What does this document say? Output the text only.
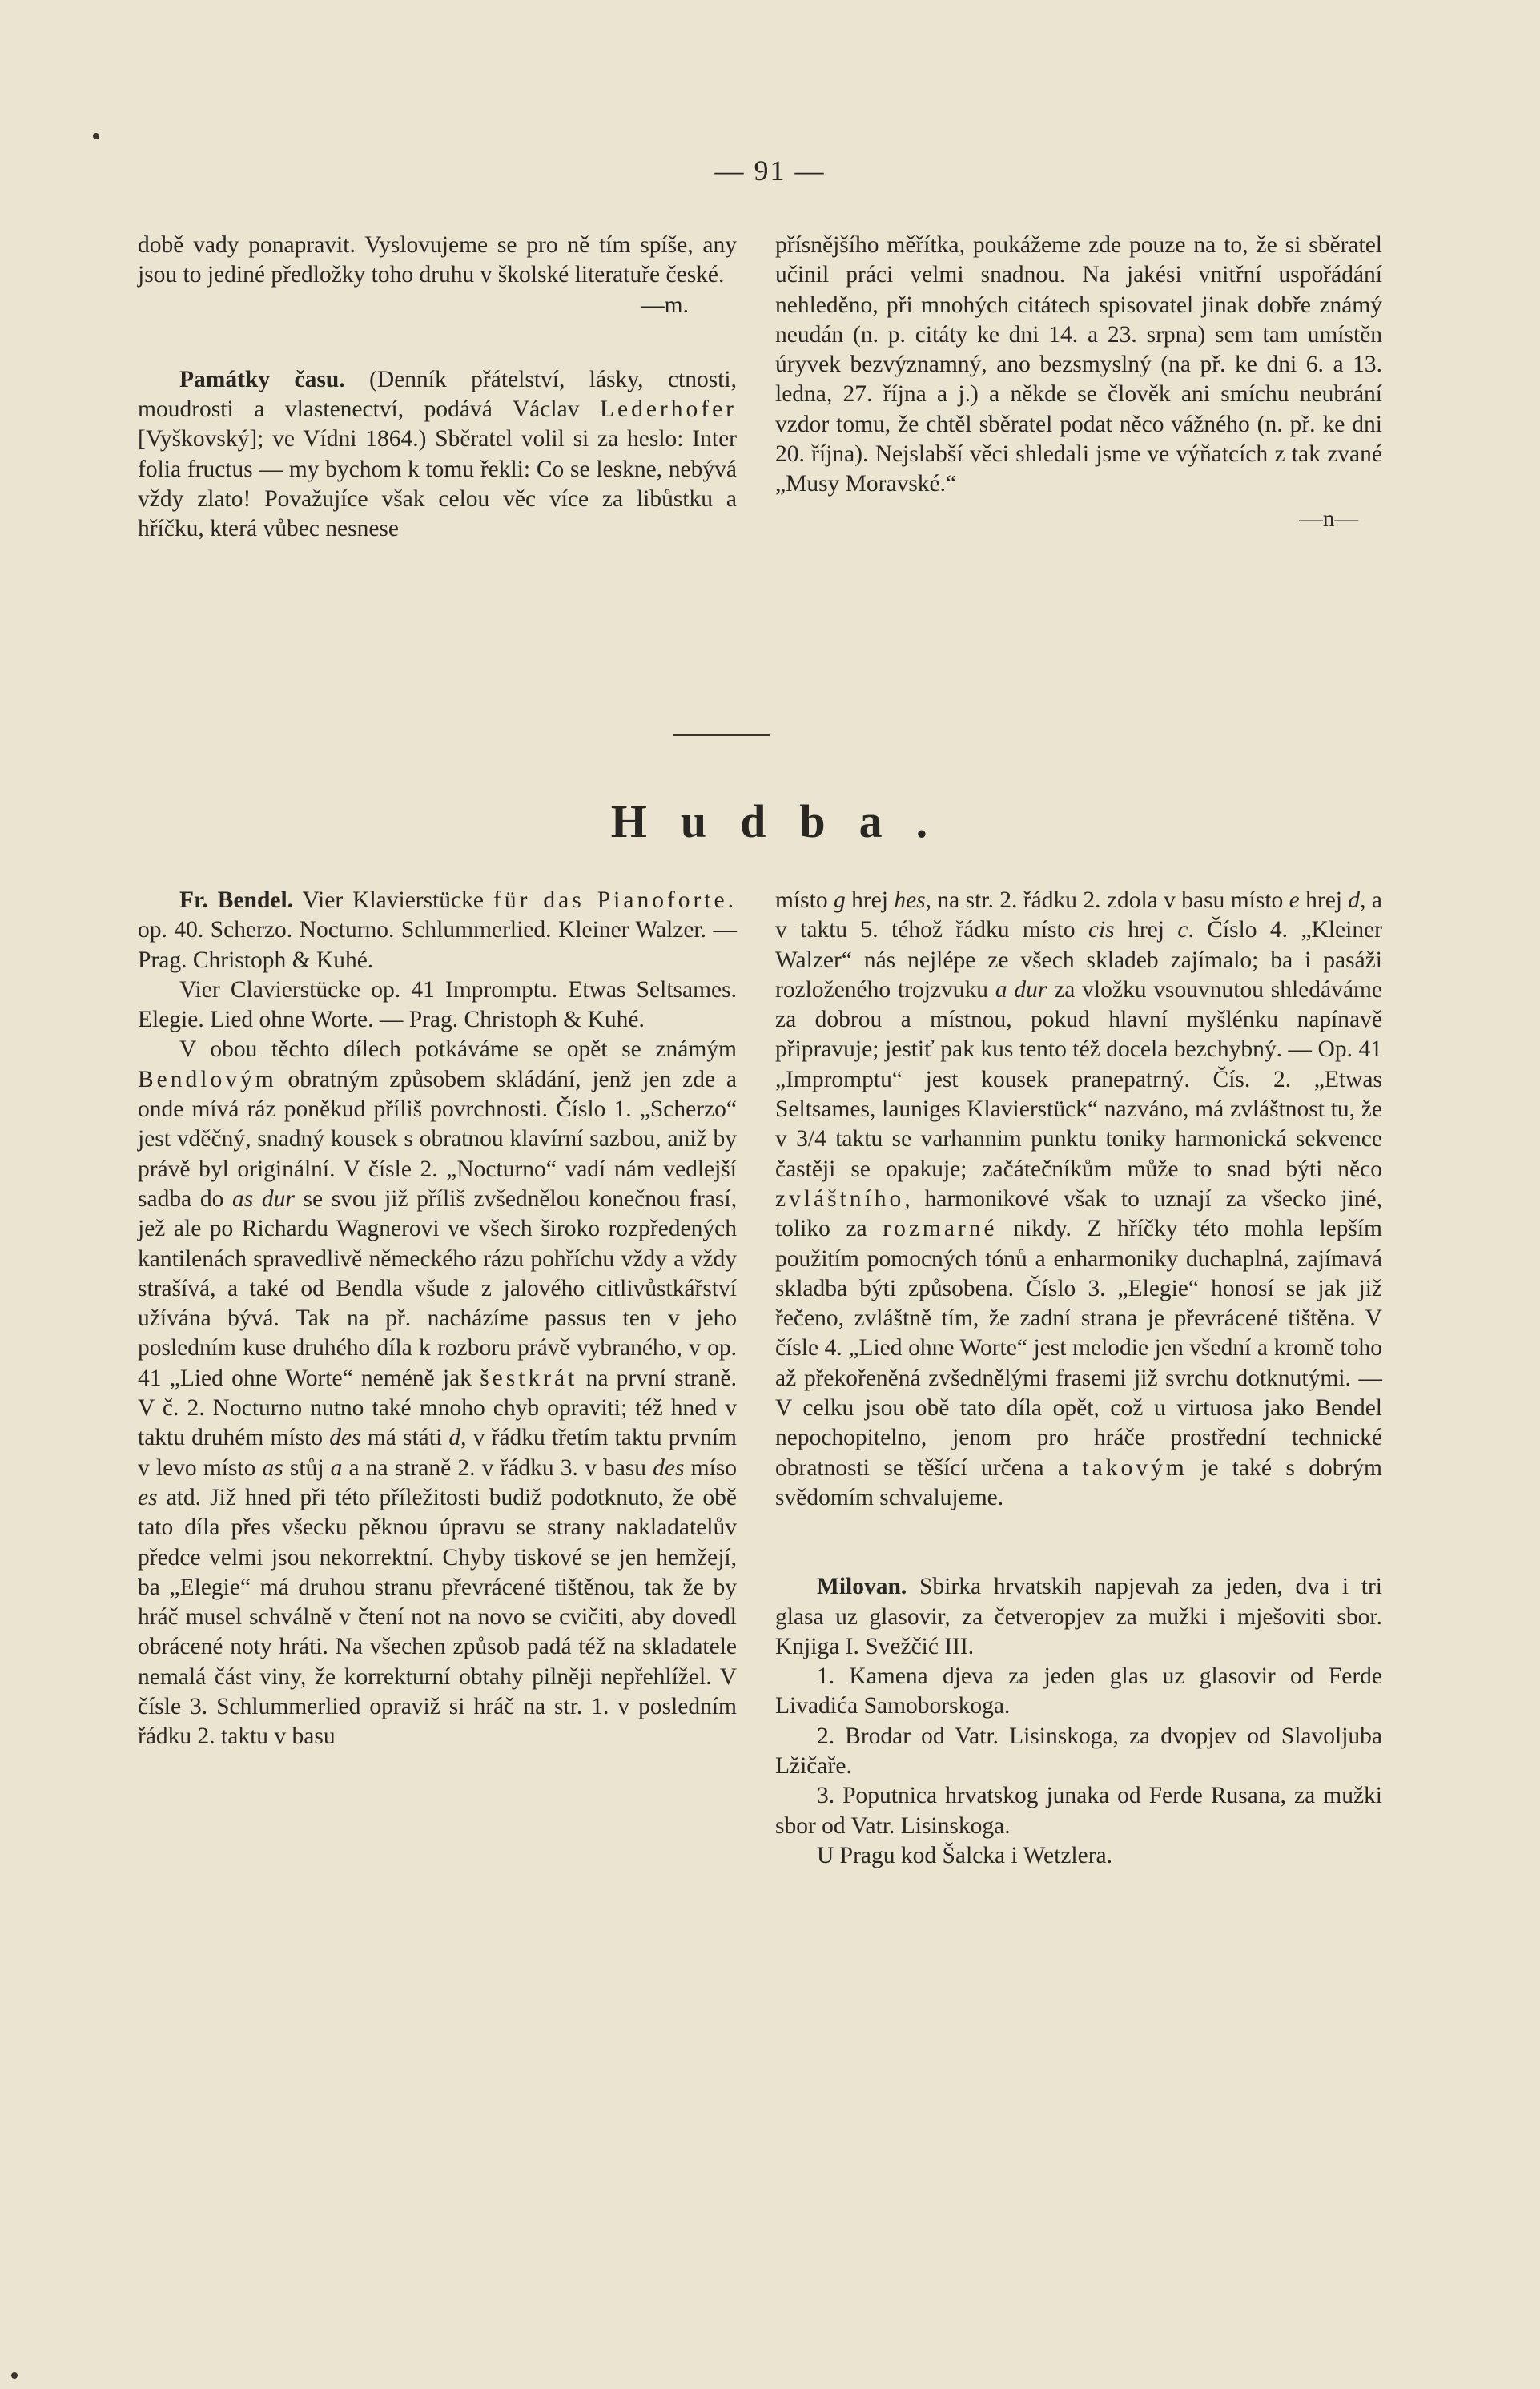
— 91 —

době vady ponapravit. Vyslovujeme se pro ně tím spíše, any jsou to jediné předložky toho druhu v školské literatuře české.

—m.

Památky času. (Denník přátelství, lásky, ctnosti, moudrosti a vlastenectví, podává Václav Lederhofer [Vyškovský]; ve Vídni 1864.) Sběratel volil si za heslo: Inter folia fructus — my bychom k tomu řekli: Co se leskne, nebývá vždy zlato! Považujíce však celou věc více za libůstku a hříčku, která vůbec nesnese

přísnějšího měřítka, poukážeme zde pouze na to, že si sběratel učinil práci velmi snadnou. Na jakési vnitřní uspořádání nehleděno, při mnohých citátech spisovatel jinak dobře známý neudán (n. p. citáty ke dni 14. a 23. srpna) sem tam umístěn úryvek bezvýznamný, ano bezsmyslný (na př. ke dni 6. a 13. ledna, 27. října a j.) a někde se člověk ani smíchu neubrání vzdor tomu, že chtěl sběratel podat něco vážného (n. př. ke dni 20. října). Nejslabší věci shledali jsme ve výňatcích z tak zvané „Musy Moravské.“

—n—

Hudba.

Fr. Bendel. Vier Klavierstücke für das Pianoforte. op. 40. Scherzo. Nocturno. Schlummerlied. Kleiner Walzer. — Prag. Christoph & Kuhé.

Vier Clavierstücke op. 41 Impromptu. Etwas Seltsames. Elegie. Lied ohne Worte. — Prag. Christoph & Kuhé.

V obou těchto dílech potkáváme se opět se známým Bendlovým obratným způsobem skládání, jenž jen zde a onde mívá ráz poněkud příliš povrchnosti. Číslo 1. „Scherzo“ jest vděčný, snadný kousek s obratnou klavírní sazbou, aniž by právě byl originální. V čísle 2. „Nocturno“ vadí nám vedlejší sadba do as dur se svou již příliš zvšednělou konečnou frasí, jež ale po Richardu Wagnerovi ve všech široko rozpředených kantilenách spravedlivě německého rázu pohříchu vždy a vždy strašívá, a také od Bendla všude z jalového citlivůstkářství užívána bývá. Tak na př. nacházíme passus ten v jeho posledním kuse druhého díla k rozboru právě vybraného, v op. 41 „Lied ohne Worte“ neméně jak šestkrát na první straně. V č. 2. Nocturno nutno také mnoho chyb opraviti; též hned v taktu druhém místo des má státi d, v řádku třetím taktu prvním v levo místo as stůj a a na straně 2. v řádku 3. v basu des míso es atd. Již hned při této příležitosti budiž podotknuto, že obě tato díla přes všecku pěkn​ou úpravu se strany nakladatelův předce velmi jsou nekorrektní. Chyby tiskové se jen hemžejí, ba „Elegie“ má druhou stranu převrácené tištěnou, tak že by hráč musel schválně v čtení not na novo se cvičiti, aby dovedl obrácené noty hráti. Na všechen způsob padá též na skladatele nemalá část viny, že korrekturní obtahy pilněji nepřehlížel. V čísle 3. Schlummerlied opraviž si hráč na str. 1. v posledním řádku 2. taktu v basu

místo g hrej hes, na str. 2. řádku 2. zdola v basu místo e hrej d, a v taktu 5. téhož řádku místo cis hrej c. Číslo 4. „Kleiner Walzer“ nás nejlépe ze všech skladeb zajímalo; ba i pasáži rozloženého trojzvuku a dur za vložku vsouvnutou shledáváme za dobrou a místnou, pokud hlavní myšlénku napínavě připravuje; jestiť pak kus tento též docela bezchybný. — Op. 41 „Impromptu“ jest kousek pranepatrný. Čís. 2. „Etwas Seltsames, launiges Klavierstück“ nazváno, má zvláštnost tu, že v 3/4 taktu se varhannim punktu toniky harmonická sekvence častěji se opakuje; začátečníkům může to snad býti něco zvláštního, harmonikové však to uznají za všecko jiné, toliko za rozmarné nikdy. Z hříčky této mohla lepším použitím pomocných tónů a enharmoniky duchaplná, zajímavá skladba býti způsobena. Číslo 3. „Elegie“ honosí se jak již řečeno, zvláštně tím, že zadní strana je převrácené tištěna. V čísle 4. „Lied ohne Worte“ jest melodie jen všední a kromě toho až překořeněná zvšednělými frasemi již svrchu dotknutými. — V celku jsou obě tato díla opět, což u virtuosa jako Bendel nepochopitelno, jenom pro hráče prostřední technické obratnosti se těšící určena a takovým je také s dobrým svědomím schvalujeme.

Milovan. Sbirka hrvatskih napjevah za jeden, dva i tri glasa uz glasovir, za četveropjev za mužki i mješoviti sbor. Knjiga I. Svežčić III.

1. Kamena djeva za jeden glas uz glasovir od Ferde Livadića Samoborskoga.

2. Brodar od Vatr. Lisinskoga, za dvopjev od Slavoljuba Lžičaře.

3. Poputnica hrvatskog junaka od Ferde Rusana, za mužki sbor od Vatr. Lisinskoga.

U Pragu kod Šalcka i Wetzlera.
